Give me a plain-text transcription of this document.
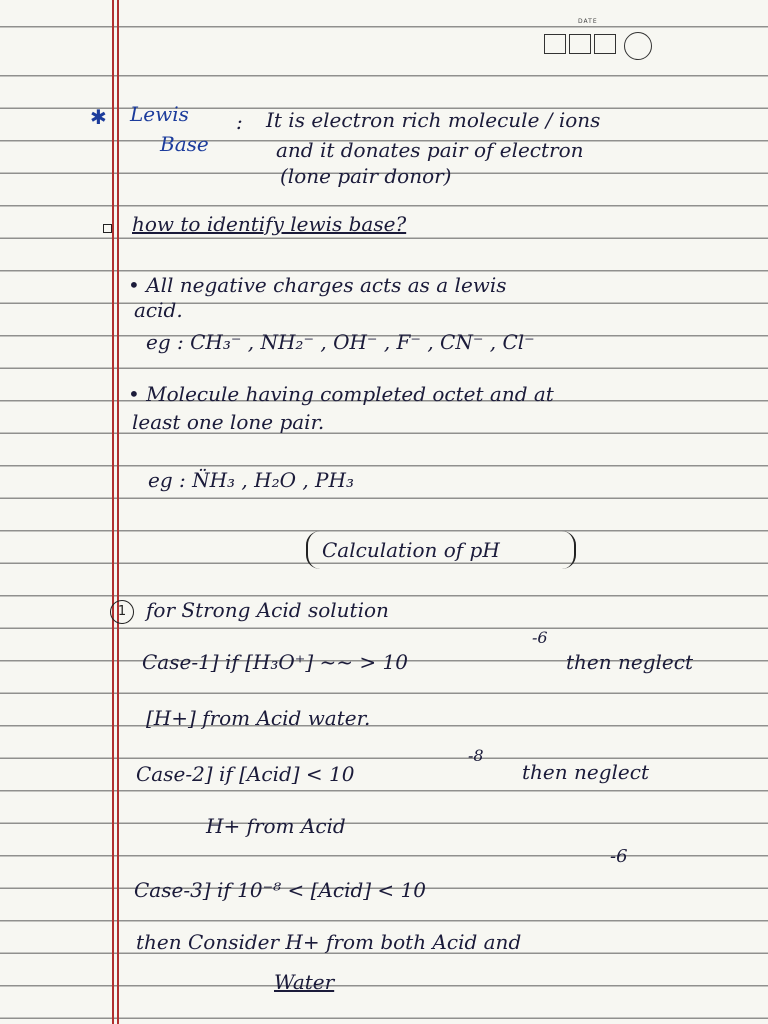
DATE
✱ Lewis
Base
: It is electron rich molecule / ions
and it donates pair of electron
(lone pair donor)
how to identify lewis base?
• All negative charges acts as a lewis
acid.
eg : CH₃⁻ , NH₂⁻ , OH⁻ , F⁻ , CN⁻ , Cl⁻
• Molecule having completed octet and at
least one lone pair.
eg : N̈H₃ , H₂O , PH₃
Calculation of pH
1 for Strong Acid solution
Case-1] if [H₃O⁺] ~~ > 10
-6
then neglect
[H+] from Acid water.
Case-2] if [Acid] < 10
-8
then neglect
H+ from Acid
Case-3] if 10⁻⁸ < [Acid] < 10
-6
then Consider H+ from both Acid and
Water
